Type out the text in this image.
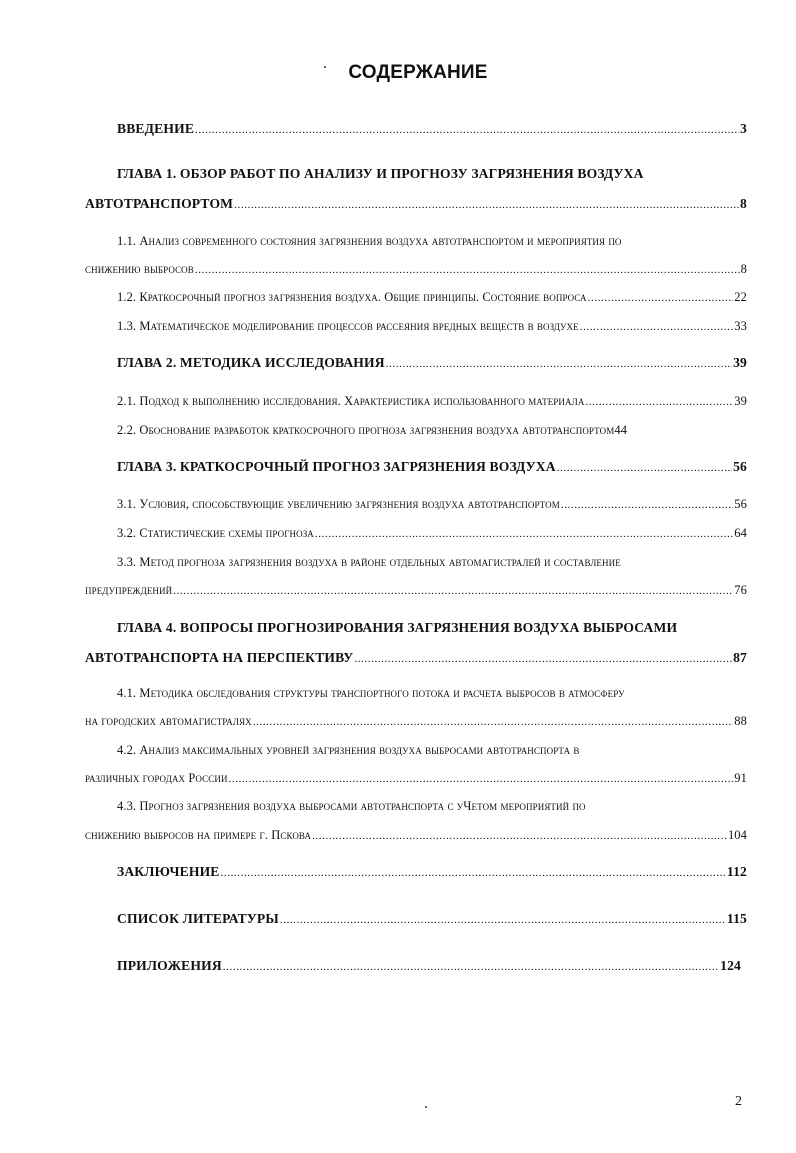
СОДЕРЖАНИЕ
ВВЕДЕНИЕ .....	3
ГЛАВА 1. ОБЗОР РАБОТ ПО АНАЛИЗУ И ПРОГНОЗУ ЗАГРЯЗНЕНИЯ ВОЗДУХА
АВТОТРАНСПОРТОМ .....	8
1.1. Анализ современного состояния загрязнения воздуха автотранспортом и мероприятия по
снижению выбросов .....	8
1.2. Краткосрочный прогноз загрязнения воздуха. Общие принципы. Состояние вопроса .....	22
1.3. Математическое моделирование процессов рассеяния вредных веществ в воздухе .....	33
ГЛАВА 2. МЕТОДИКА ИССЛЕДОВАНИЯ .....	39
2.1. Подход к выполнению исследования. Характеристика использованного материала .....	39
2.2. Обоснование разработок краткосрочного прогноза загрязнения воздуха автотранспортом 44
ГЛАВА 3. КРАТКОСРОЧНЫЙ ПРОГНОЗ ЗАГРЯЗНЕНИЯ ВОЗДУХА .....	56
3.1. Условия, способствующие увеличению загрязнения воздуха автотранспортом .....	56
3.2. Статистические схемы прогноза .....	64
3.3. Метод прогноза загрязнения воздуха в районе отдельных автомагистралей и составление
предупреждений .....	76
ГЛАВА 4. ВОПРОСЫ ПРОГНОЗИРОВАНИЯ ЗАГРЯЗНЕНИЯ ВОЗДУХА ВЫБРОСАМИ
АВТОТРАНСПОРТА НА ПЕРСПЕКТИВУ .....	87
4.1. Методика обследования структуры транспортного потока и расчета выбросов в атмосферу
на городских автомагистралях .....	88
4.2. Анализ максимальных уровней загрязнения воздуха выбросами автотранспорта в
различных городах России .....	91
4.3. Прогноз загрязнения воздуха выбросами автотранспорта с уЧетом мероприятий по
снижению выбросов на примере г. Пскова .....	104
ЗАКЛЮЧЕНИЕ .....	112
СПИСОК ЛИТЕРАТУРЫ .....	115
ПРИЛОЖЕНИЯ .....	124
2
